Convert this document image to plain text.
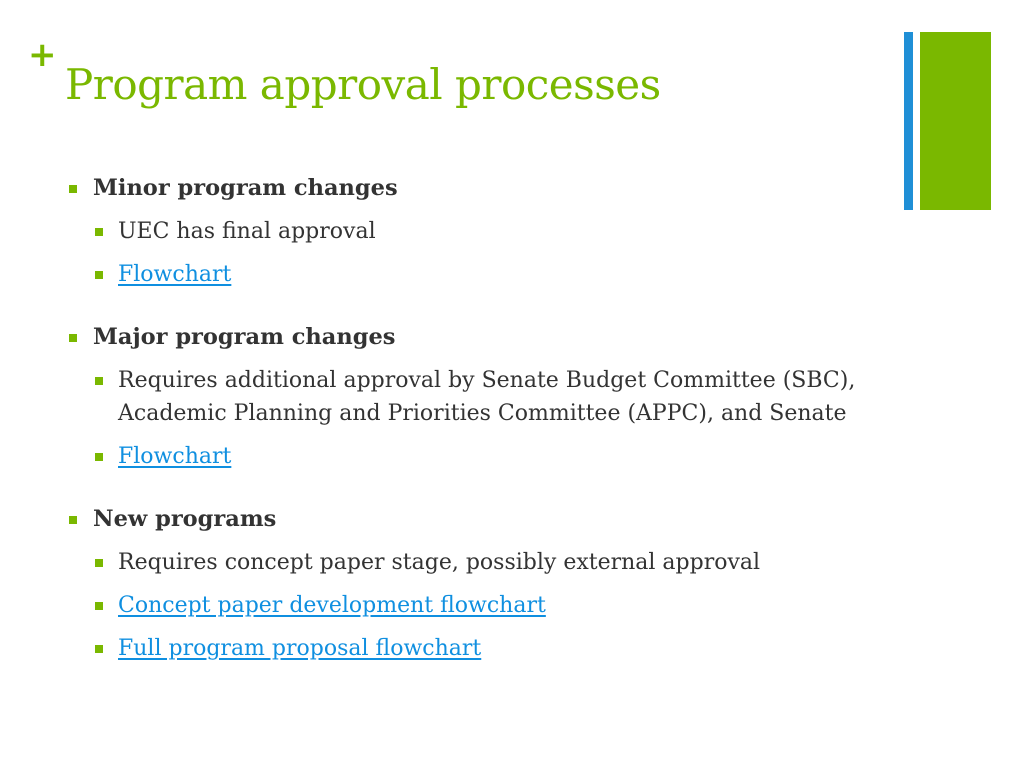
+
Program approval processes
Minor program changes
UEC has final approval
Flowchart
Major program changes
Requires additional approval by Senate Budget Committee (SBC), Academic Planning and Priorities Committee (APPC), and Senate
Flowchart
New programs
Requires concept paper stage, possibly external approval
Concept paper development flowchart
Full program proposal flowchart
